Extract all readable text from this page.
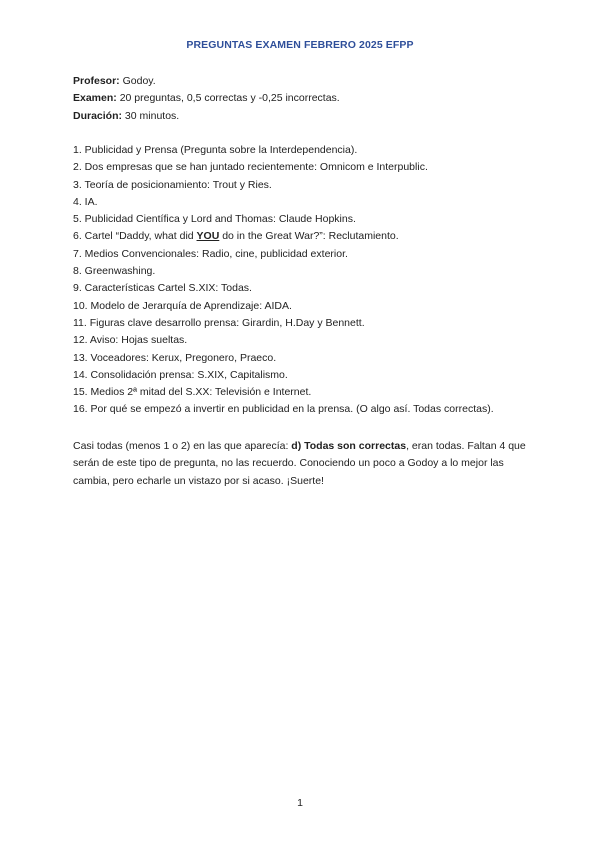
PREGUNTAS EXAMEN FEBRERO 2025 EFPP
Profesor: Godoy.
Examen: 20 preguntas, 0,5 correctas y -0,25 incorrectas.
Duración: 30 minutos.
1. Publicidad y Prensa (Pregunta sobre la Interdependencia).
2. Dos empresas que se han juntado recientemente: Omnicom e Interpublic.
3. Teoría de posicionamiento: Trout y Ries.
4. IA.
5. Publicidad Científica y Lord and Thomas: Claude Hopkins.
6. Cartel “Daddy, what did YOU do in the Great War?”: Reclutamiento.
7. Medios Convencionales: Radio, cine, publicidad exterior.
8. Greenwashing.
9. Características Cartel S.XIX: Todas.
10. Modelo de Jerarquía de Aprendizaje: AIDA.
11. Figuras clave desarrollo prensa: Girardin, H.Day y Bennett.
12. Aviso: Hojas sueltas.
13. Voceadores: Kerux, Pregonero, Praeco.
14. Consolidación prensa: S.XIX, Capitalismo.
15. Medios 2ª mitad del S.XX: Televisión e Internet.
16. Por qué se empezó a invertir en publicidad en la prensa. (O algo así. Todas correctas).
Casi todas (menos 1 o 2) en las que aparecía: d) Todas son correctas, eran todas. Faltan 4 que serán de este tipo de pregunta, no las recuerdo. Conociendo un poco a Godoy a lo mejor las cambia, pero echarle un vistazo por si acaso. ¡Suerte!
1
